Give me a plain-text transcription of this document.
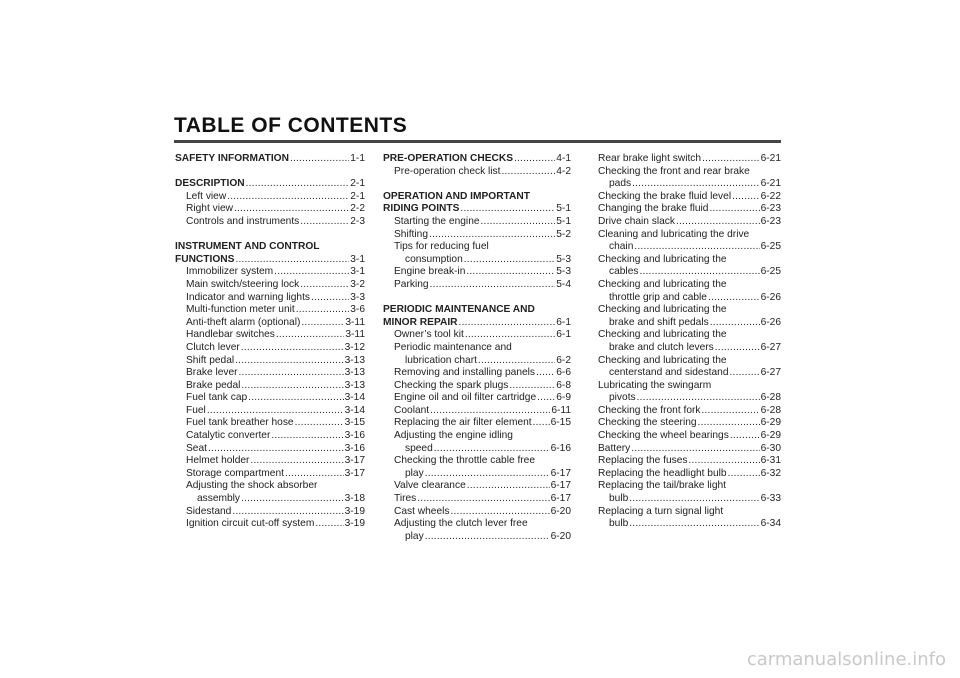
TABLE OF CONTENTS
SAFETY INFORMATION .....	1-1
DESCRIPTION .....	2-1
Left view .....	2-1
Right view .....	2-2
Controls and instruments .....	2-3
INSTRUMENT AND CONTROL
FUNCTIONS .....	3-1
Immobilizer system .....	3-1
Main switch/steering lock .....	3-2
Indicator and warning lights .....	3-3
Multi-function meter unit .....	3-6
Anti-theft alarm (optional) .....	3-11
Handlebar switches .....	3-11
Clutch lever .....	3-12
Shift pedal .....	3-13
Brake lever .....	3-13
Brake pedal .....	3-13
Fuel tank cap .....	3-14
Fuel .....	3-14
Fuel tank breather hose .....	3-15
Catalytic converter .....	3-16
Seat .....	3-16
Helmet holder .....	3-17
Storage compartment .....	3-17
Adjusting the shock absorber
assembly .....	3-18
Sidestand .....	3-19
Ignition circuit cut-off system .....	3-19
PRE-OPERATION CHECKS .....	4-1
Pre-operation check list .....	4-2
OPERATION AND IMPORTANT
RIDING POINTS .....	5-1
Starting the engine .....	5-1
Shifting .....	5-2
Tips for reducing fuel
consumption .....	5-3
Engine break-in .....	5-3
Parking .....	5-4
PERIODIC MAINTENANCE AND
MINOR REPAIR .....	6-1
Owner’s tool kit .....	6-1
Periodic maintenance and
lubrication chart .....	6-2
Removing and installing panels ..... 6-6
Checking the spark plugs .....	6-8
Engine oil and oil filter cartridge ..... 6-9
Coolant .....	6-11
Replacing the air filter element ..... 6-15
Adjusting the engine idling
speed .....	6-16
Checking the throttle cable free
play .....	6-17
Valve clearance .....	6-17
Tires .....	6-17
Cast wheels .....	6-20
Adjusting the clutch lever free
play .....	6-20
Rear brake light switch .....	6-21
Checking the front and rear brake
pads .....	6-21
Checking the brake fluid level .....	6-22
Changing the brake fluid .....	6-23
Drive chain slack .....	6-23
Cleaning and lubricating the drive
chain .....	6-25
Checking and lubricating the
cables .....	6-25
Checking and lubricating the
throttle grip and cable .....	6-26
Checking and lubricating the
brake and shift pedals .....	6-26
Checking and lubricating the
brake and clutch levers .....	6-27
Checking and lubricating the
centerstand and sidestand .....	6-27
Lubricating the swingarm
pivots .....	6-28
Checking the front fork .....	6-28
Checking the steering .....	6-29
Checking the wheel bearings .....	6-29
Battery .....	6-30
Replacing the fuses .....	6-31
Replacing the headlight bulb .....	6-32
Replacing the tail/brake light
bulb .....	6-33
Replacing a turn signal light
bulb .....	6-34
carmanualsonline.info
